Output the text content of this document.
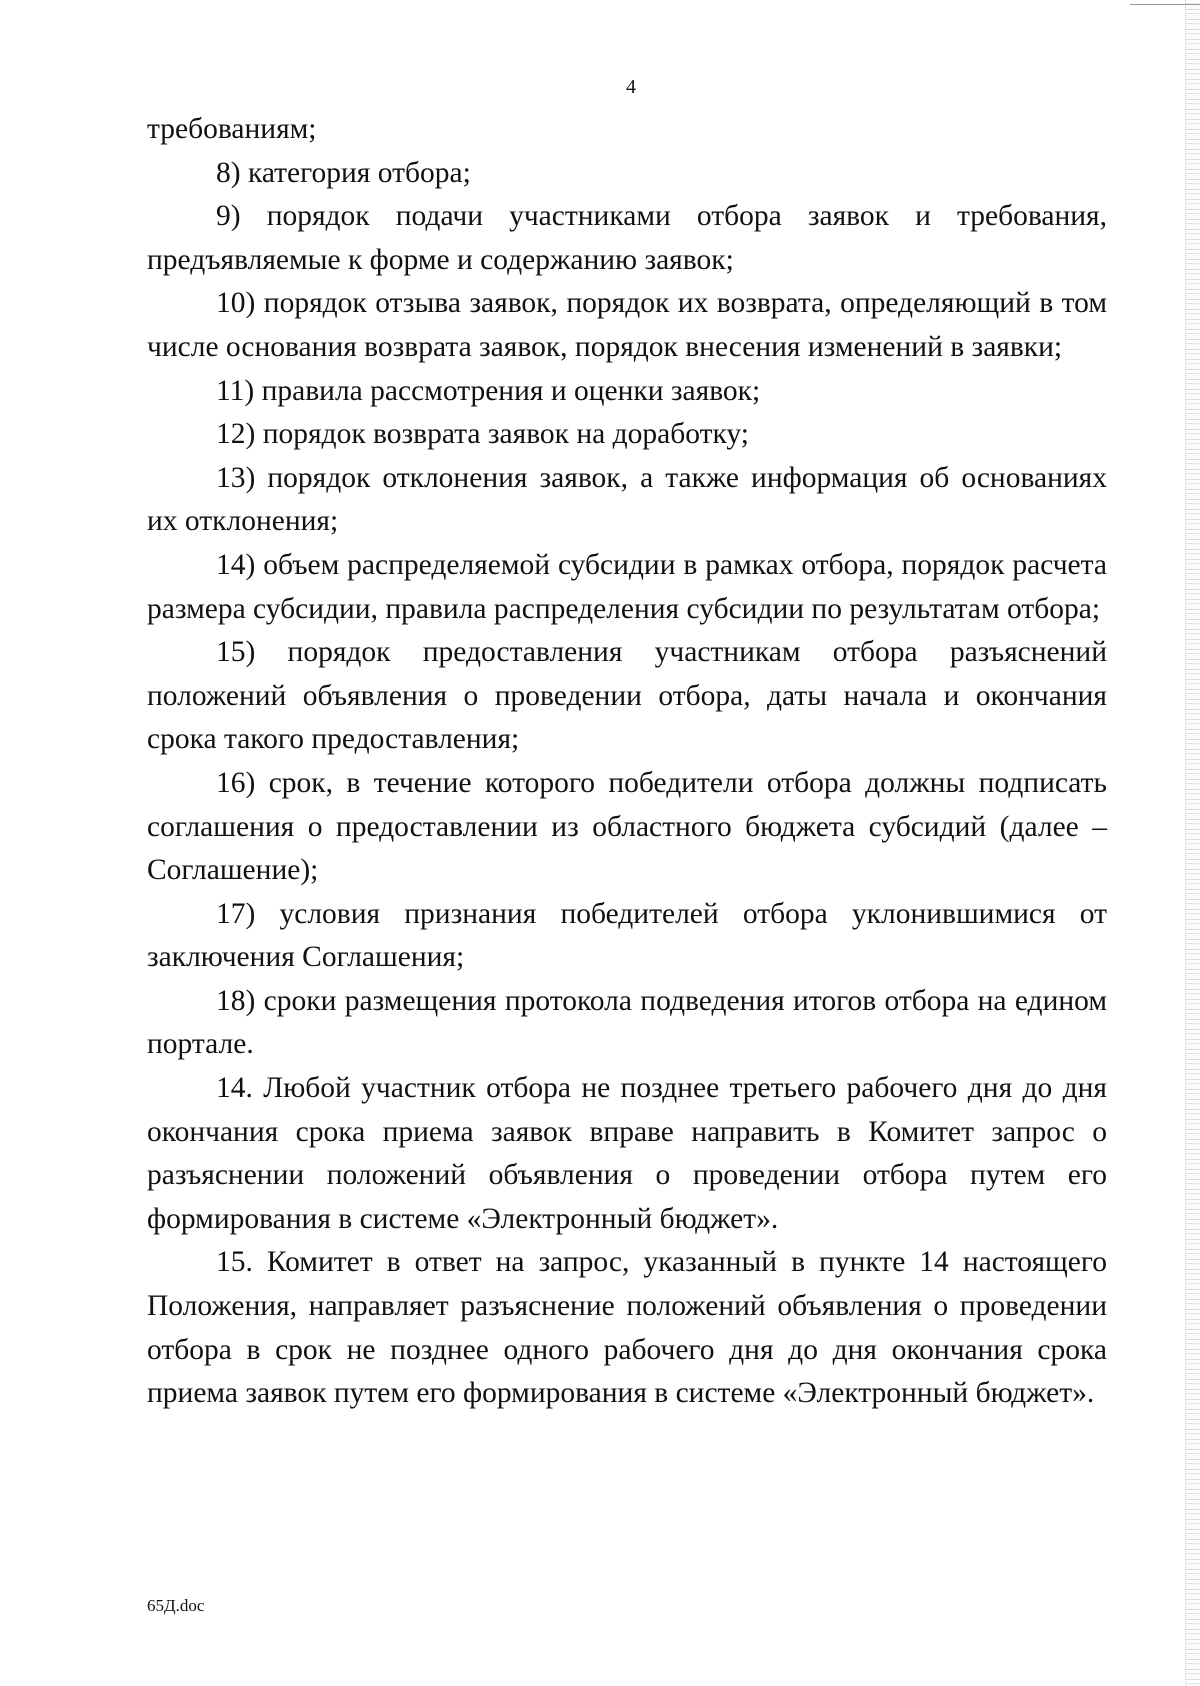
4

требованиям;

8) категория отбора;

9) порядок подачи участниками отбора заявок и требования, предъявляемые к форме и содержанию заявок;

10) порядок отзыва заявок, порядок их возврата, определяющий в том числе основания возврата заявок, порядок внесения изменений в заявки;

11) правила рассмотрения и оценки заявок;

12) порядок возврата заявок на доработку;

13) порядок отклонения заявок, а также информация об основаниях их отклонения;

14) объем распределяемой субсидии в рамках отбора, порядок расчета размера субсидии, правила распределения субсидии по результатам отбора;

15) порядок предоставления участникам отбора разъяснений положений объявления о проведении отбора, даты начала и окончания срока такого предоставления;

16) срок, в течение которого победители отбора должны подписать соглашения о предоставлении из областного бюджета субсидий (далее – Соглашение);

17) условия признания победителей отбора уклонившимися от заключения Соглашения;

18) сроки размещения протокола подведения итогов отбора на едином портале.

14. Любой участник отбора не позднее третьего рабочего дня до дня окончания срока приема заявок вправе направить в Комитет запрос о разъяснении положений объявления о проведении отбора путем его формирования в системе «Электронный бюджет».

15. Комитет в ответ на запрос, указанный в пункте 14 настоящего Положения, направляет разъяснение положений объявления о проведении отбора в срок не позднее одного рабочего дня до дня окончания срока приема заявок путем его формирования в системе «Электронный бюджет».

65Д.doc
